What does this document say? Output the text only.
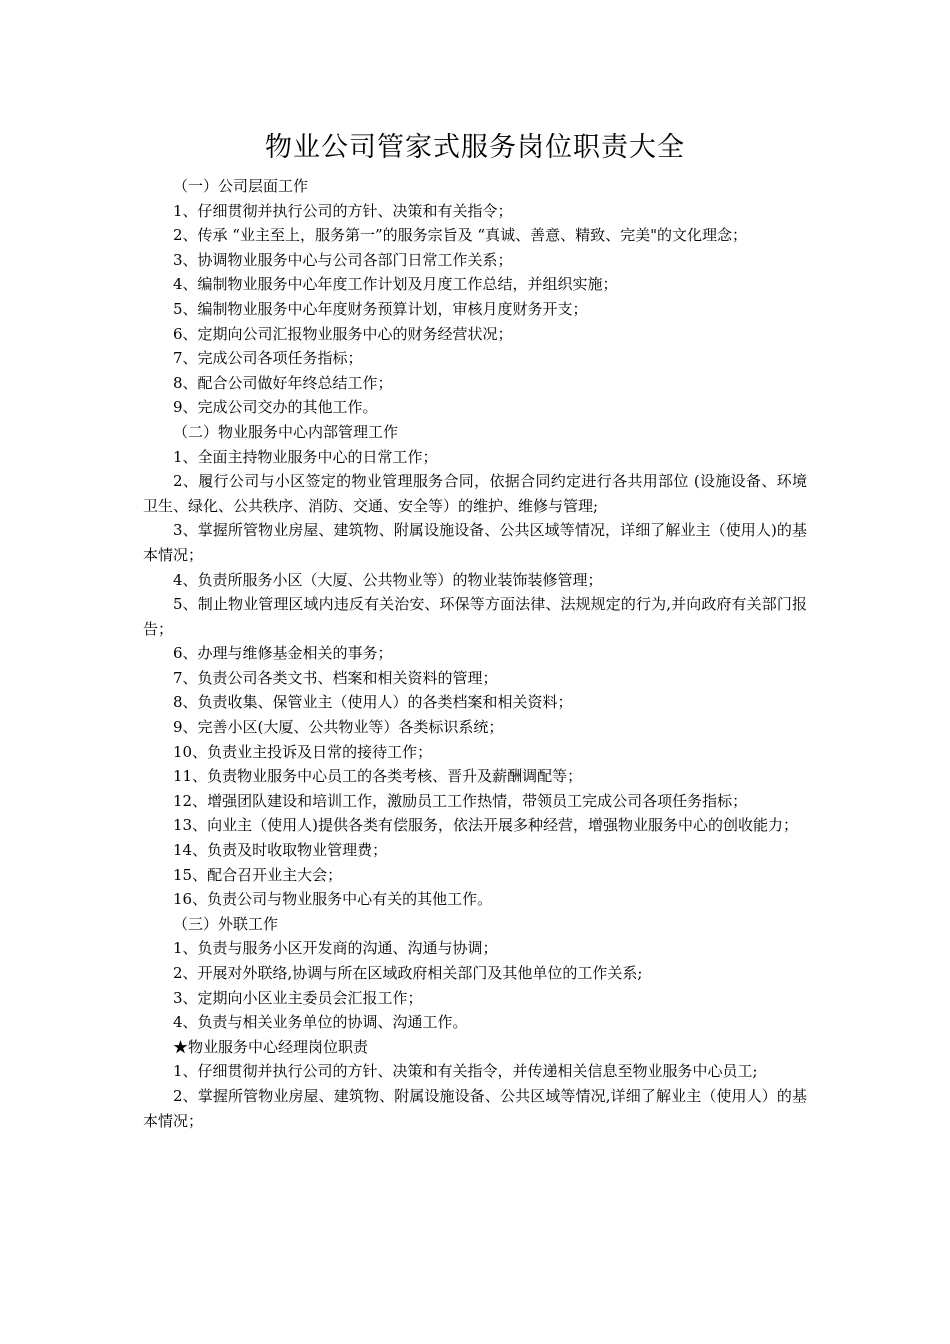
物业公司管家式服务岗位职责大全

（一）公司层面工作

1、仔细贯彻并执行公司的方针、决策和有关指令；

2、传承 “业主至上，服务第一”的服务宗旨及 “真诚、善意、精致、完美"的文化理念；

3、协调物业服务中心与公司各部门日常工作关系；

4、编制物业服务中心年度工作计划及月度工作总结，并组织实施；

5、编制物业服务中心年度财务预算计划，审核月度财务开支；

6、定期向公司汇报物业服务中心的财务经营状况；

7、完成公司各项任务指标；

8、配合公司做好年终总结工作；

9、完成公司交办的其他工作。

（二）物业服务中心内部管理工作

1、全面主持物业服务中心的日常工作；

2、履行公司与小区签定的物业管理服务合同，依据合同约定进行各共用部位 (设施设备、环境卫生、绿化、公共秩序、消防、交通、安全等）的维护、维修与管理;

3、掌握所管物业房屋、建筑物、附属设施设备、公共区域等情况，详细了解业主（使用人)的基本情况；

4、负责所服务小区（大厦、公共物业等）的物业装饰装修管理；

5、制止物业管理区域内违反有关治安、环保等方面法律、法规规定的行为,并向政府有关部门报告；

6、办理与维修基金相关的事务；

7、负责公司各类文书、档案和相关资料的管理；

8、负责收集、保管业主（使用人）的各类档案和相关资料；

9、完善小区(大厦、公共物业等）各类标识系统；

10、负责业主投诉及日常的接待工作；

11、负责物业服务中心员工的各类考核、晋升及薪酬调配等；

12、增强团队建设和培训工作，激励员工工作热情，带领员工完成公司各项任务指标；

13、向业主（使用人)提供各类有偿服务，依法开展多种经营，增强物业服务中心的创收能力；

14、负责及时收取物业管理费；

15、配合召开业主大会；

16、负责公司与物业服务中心有关的其他工作。

（三）外联工作

1、负责与服务小区开发商的沟通、沟通与协调；

2、开展对外联络,协调与所在区域政府相关部门及其他单位的工作关系;

3、定期向小区业主委员会汇报工作；

4、负责与相关业务单位的协调、沟通工作。

★物业服务中心经理岗位职责

1、仔细贯彻并执行公司的方针、决策和有关指令，并传递相关信息至物业服务中心员工;

2、掌握所管物业房屋、建筑物、附属设施设备、公共区域等情况,详细了解业主（使用人）的基本情况；
